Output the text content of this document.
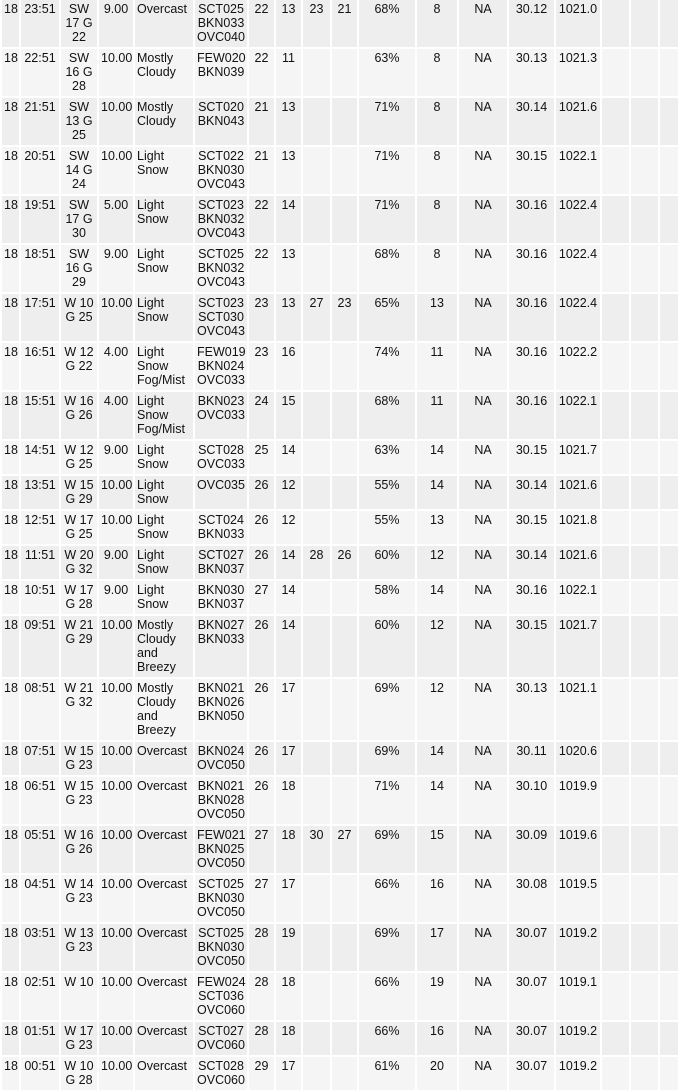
18	23:51	SW
17 G
22	9.00	Overcast	SCT025
BKN033
OVC040	22	13	23	21	68%	8	NA	30.12	1021.0			
18	22:51	SW
16 G
28	10.00	Mostly
Cloudy	FEW020
BKN039	22	11			63%	8	NA	30.13	1021.3			
18	21:51	SW
13 G
25	10.00	Mostly
Cloudy	SCT020
BKN043	21	13			71%	8	NA	30.14	1021.6			
18	20:51	SW
14 G
24	10.00	Light
Snow	SCT022
BKN030
OVC043	21	13			71%	8	NA	30.15	1022.1			
18	19:51	SW
17 G
30	5.00	Light
Snow	SCT023
BKN032
OVC043	22	14			71%	8	NA	30.16	1022.4			
18	18:51	SW
16 G
29	9.00	Light
Snow	SCT025
BKN032
OVC043	22	13			68%	8	NA	30.16	1022.4			
18	17:51	W 10
G 25	10.00	Light
Snow	SCT023
SCT030
OVC043	23	13	27	23	65%	13	NA	30.16	1022.4			
18	16:51	W 12
G 22	4.00	Light
Snow
Fog/Mist	FEW019
BKN024
OVC033	23	16			74%	11	NA	30.16	1022.2			
18	15:51	W 16
G 26	4.00	Light
Snow
Fog/Mist	BKN023
OVC033	24	15			68%	11	NA	30.16	1022.1			
18	14:51	W 12
G 25	9.00	Light
Snow	SCT028
OVC033	25	14			63%	14	NA	30.15	1021.7			
18	13:51	W 15
G 29	10.00	Light
Snow	OVC035	26	12			55%	14	NA	30.14	1021.6			
18	12:51	W 17
G 25	10.00	Light
Snow	SCT024
BKN033	26	12			55%	13	NA	30.15	1021.8			
18	11:51	W 20
G 32	9.00	Light
Snow	SCT027
BKN037	26	14	28	26	60%	12	NA	30.14	1021.6			
18	10:51	W 17
G 28	9.00	Light
Snow	BKN030
BKN037	27	14			58%	14	NA	30.16	1022.1			
18	09:51	W 21
G 29	10.00	Mostly
Cloudy
and
Breezy	BKN027
BKN033	26	14			60%	12	NA	30.15	1021.7			
18	08:51	W 21
G 32	10.00	Mostly
Cloudy
and
Breezy	BKN021
BKN026
BKN050	26	17			69%	12	NA	30.13	1021.1			
18	07:51	W 15
G 23	10.00	Overcast	BKN024
OVC050	26	17			69%	14	NA	30.11	1020.6			
18	06:51	W 15
G 23	10.00	Overcast	BKN021
BKN028
OVC050	26	18			71%	14	NA	30.10	1019.9			
18	05:51	W 16
G 26	10.00	Overcast	FEW021
BKN025
OVC050	27	18	30	27	69%	15	NA	30.09	1019.6			
18	04:51	W 14
G 23	10.00	Overcast	SCT025
BKN030
OVC050	27	17			66%	16	NA	30.08	1019.5			
18	03:51	W 13
G 23	10.00	Overcast	SCT025
BKN030
OVC050	28	19			69%	17	NA	30.07	1019.2			
18	02:51	W 10	10.00	Overcast	FEW024
SCT036
OVC060	28	18			66%	19	NA	30.07	1019.1			
18	01:51	W 17
G 23	10.00	Overcast	SCT027
OVC060	28	18			66%	16	NA	30.07	1019.2			
18	00:51	W 10
G 28	10.00	Overcast	SCT028
OVC060	29	17			61%	20	NA	30.07	1019.2			
